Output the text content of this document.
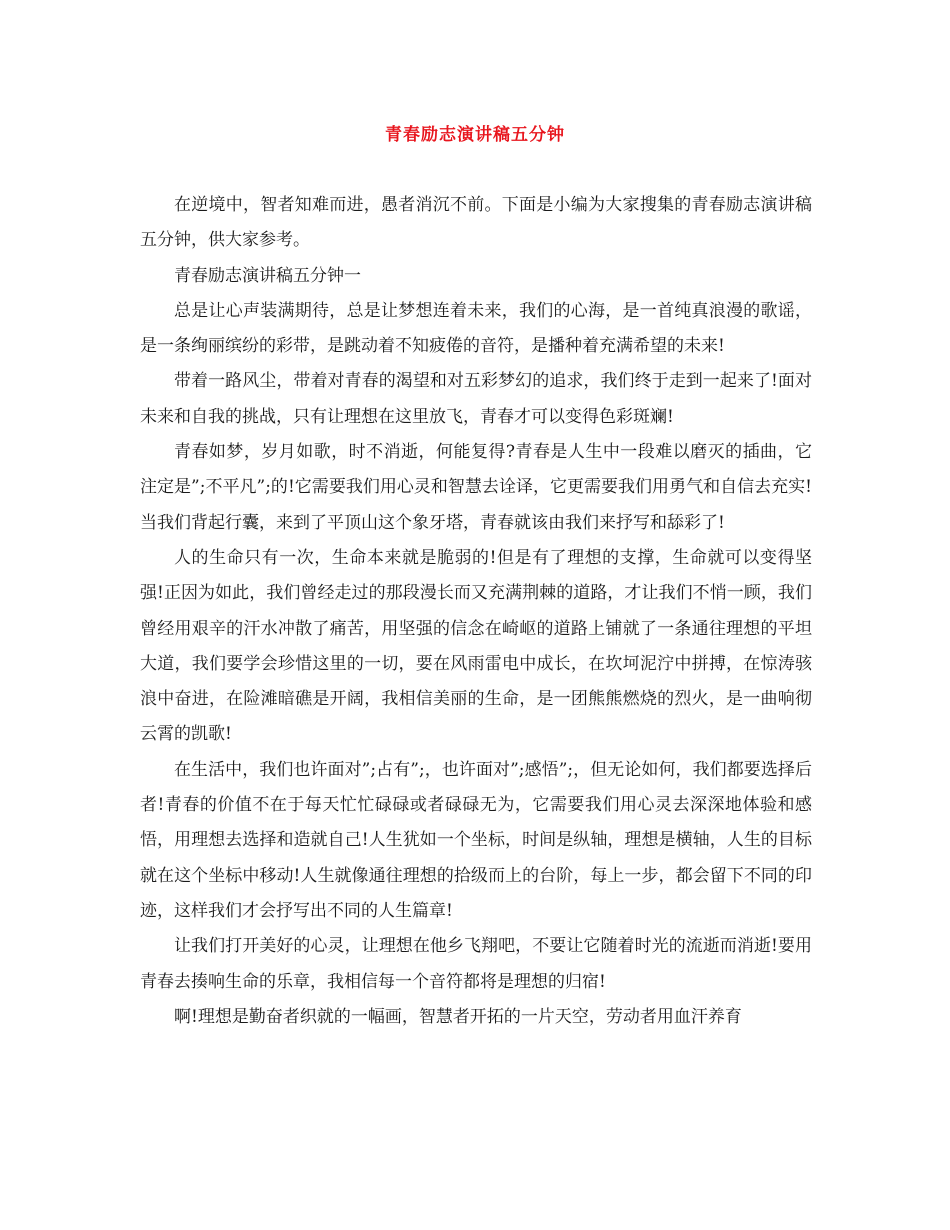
青春励志演讲稿五分钟

在逆境中，智者知难而进，愚者消沉不前。下面是小编为大家搜集的青春励志演讲稿五分钟，供大家参考。

青春励志演讲稿五分钟一

总是让心声装满期待，总是让梦想连着未来，我们的心海，是一首纯真浪漫的歌谣，是一条绚丽缤纷的彩带，是跳动着不知疲倦的音符，是播种着充满希望的未来!

带着一路风尘，带着对青春的渴望和对五彩梦幻的追求，我们终于走到一起来了!面对未来和自我的挑战，只有让理想在这里放飞，青春才可以变得色彩斑斓!

青春如梦，岁月如歌，时不消逝，何能复得?青春是人生中一段难以磨灭的插曲，它注定是”;不平凡”;的!它需要我们用心灵和智慧去诠译，它更需要我们用勇气和自信去充实!当我们背起行囊，来到了平顶山这个象牙塔，青春就该由我们来抒写和舔彩了!

人的生命只有一次，生命本来就是脆弱的!但是有了理想的支撑，生命就可以变得坚强!正因为如此，我们曾经走过的那段漫长而又充满荆棘的道路，才让我们不悄一顾，我们曾经用艰辛的汗水冲散了痛苦，用坚强的信念在崎岖的道路上铺就了一条通往理想的平坦大道，我们要学会珍惜这里的一切，要在风雨雷电中成长，在坎坷泥泞中拼搏，在惊涛骇浪中奋进，在险滩暗礁是开阔，我相信美丽的生命，是一团熊熊燃烧的烈火，是一曲响彻云霄的凯歌!

在生活中，我们也许面对”;占有”;，也许面对”;感悟”;，但无论如何，我们都要选择后者!青春的价值不在于每天忙忙碌碌或者碌碌无为，它需要我们用心灵去深深地体验和感悟，用理想去选择和造就自己!人生犹如一个坐标，时间是纵轴，理想是横轴，人生的目标就在这个坐标中移动!人生就像通往理想的拾级而上的台阶，每上一步，都会留下不同的印迹，这样我们才会抒写出不同的人生篇章!

让我们打开美好的心灵，让理想在他乡飞翔吧，不要让它随着时光的流逝而消逝!要用青春去揍响生命的乐章，我相信每一个音符都将是理想的归宿!

啊!理想是勤奋者织就的一幅画，智慧者开拓的一片天空，劳动者用血汗养育
